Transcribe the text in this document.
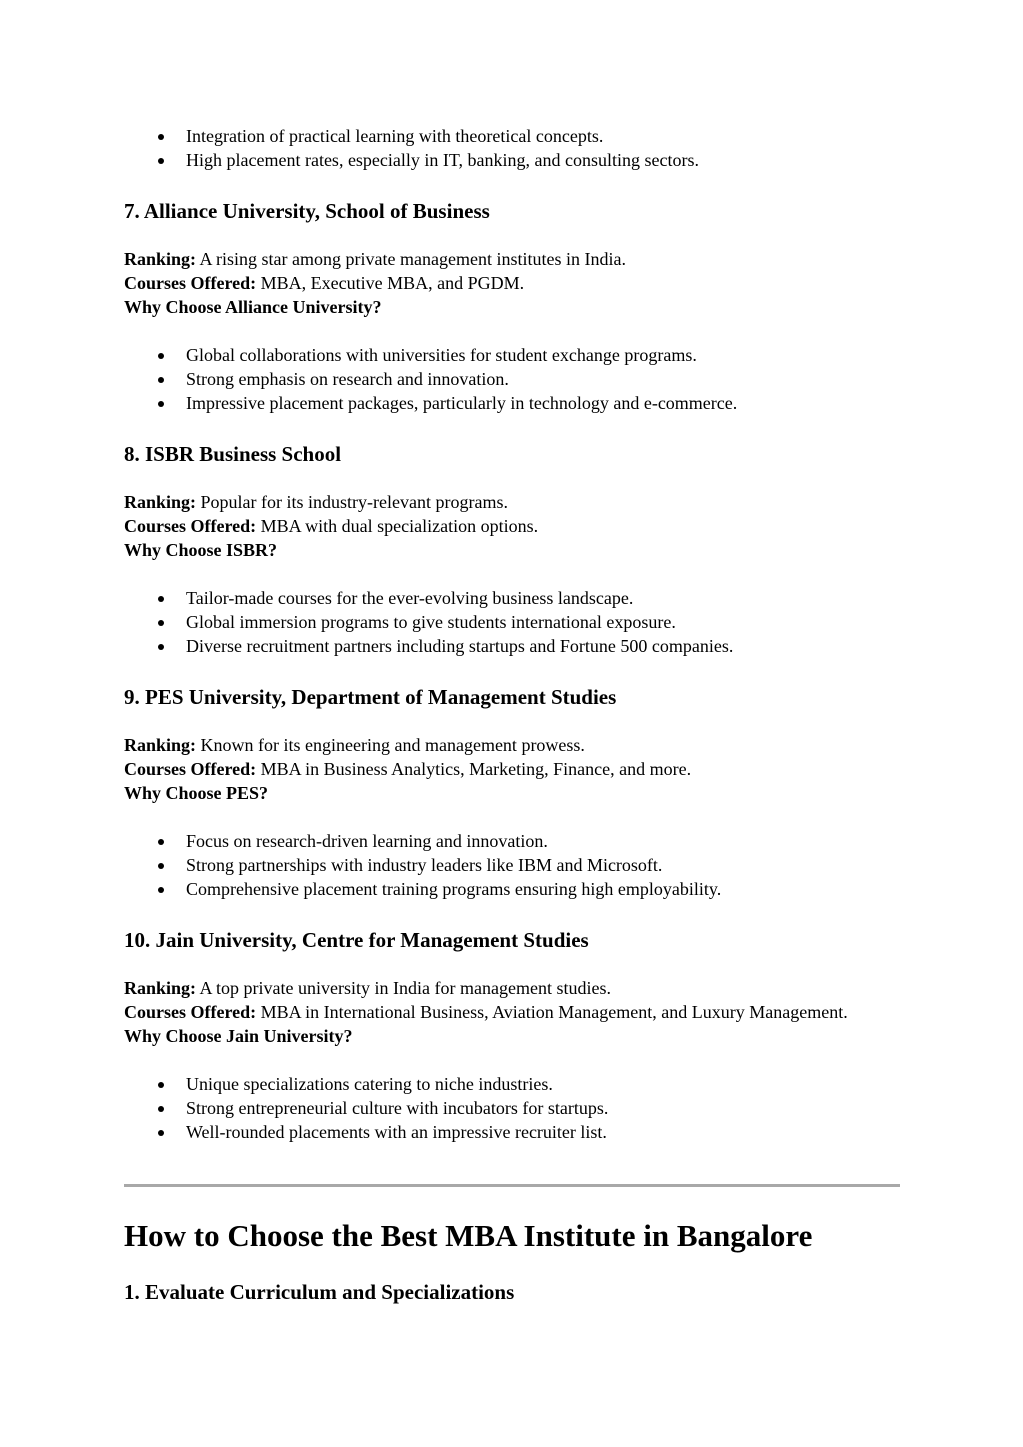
Integration of practical learning with theoretical concepts.
High placement rates, especially in IT, banking, and consulting sectors.
7. Alliance University, School of Business

Ranking: A rising star among private management institutes in India.

Courses Offered: MBA, Executive MBA, and PGDM.

Why Choose Alliance University?

Global collaborations with universities for student exchange programs.
Strong emphasis on research and innovation.
Impressive placement packages, particularly in technology and e-commerce.
8. ISBR Business School

Ranking: Popular for its industry-relevant programs.

Courses Offered: MBA with dual specialization options.

Why Choose ISBR?

Tailor-made courses for the ever-evolving business landscape.
Global immersion programs to give students international exposure.
Diverse recruitment partners including startups and Fortune 500 companies.
9. PES University, Department of Management Studies

Ranking: Known for its engineering and management prowess.

Courses Offered: MBA in Business Analytics, Marketing, Finance, and more.

Why Choose PES?

Focus on research-driven learning and innovation.
Strong partnerships with industry leaders like IBM and Microsoft.
Comprehensive placement training programs ensuring high employability.
10. Jain University, Centre for Management Studies

Ranking: A top private university in India for management studies.

Courses Offered: MBA in International Business, Aviation Management, and Luxury Management.

Why Choose Jain University?

Unique specializations catering to niche industries.
Strong entrepreneurial culture with incubators for startups.
Well-rounded placements with an impressive recruiter list.
How to Choose the Best MBA Institute in Bangalore
1. Evaluate Curriculum and Specializations
